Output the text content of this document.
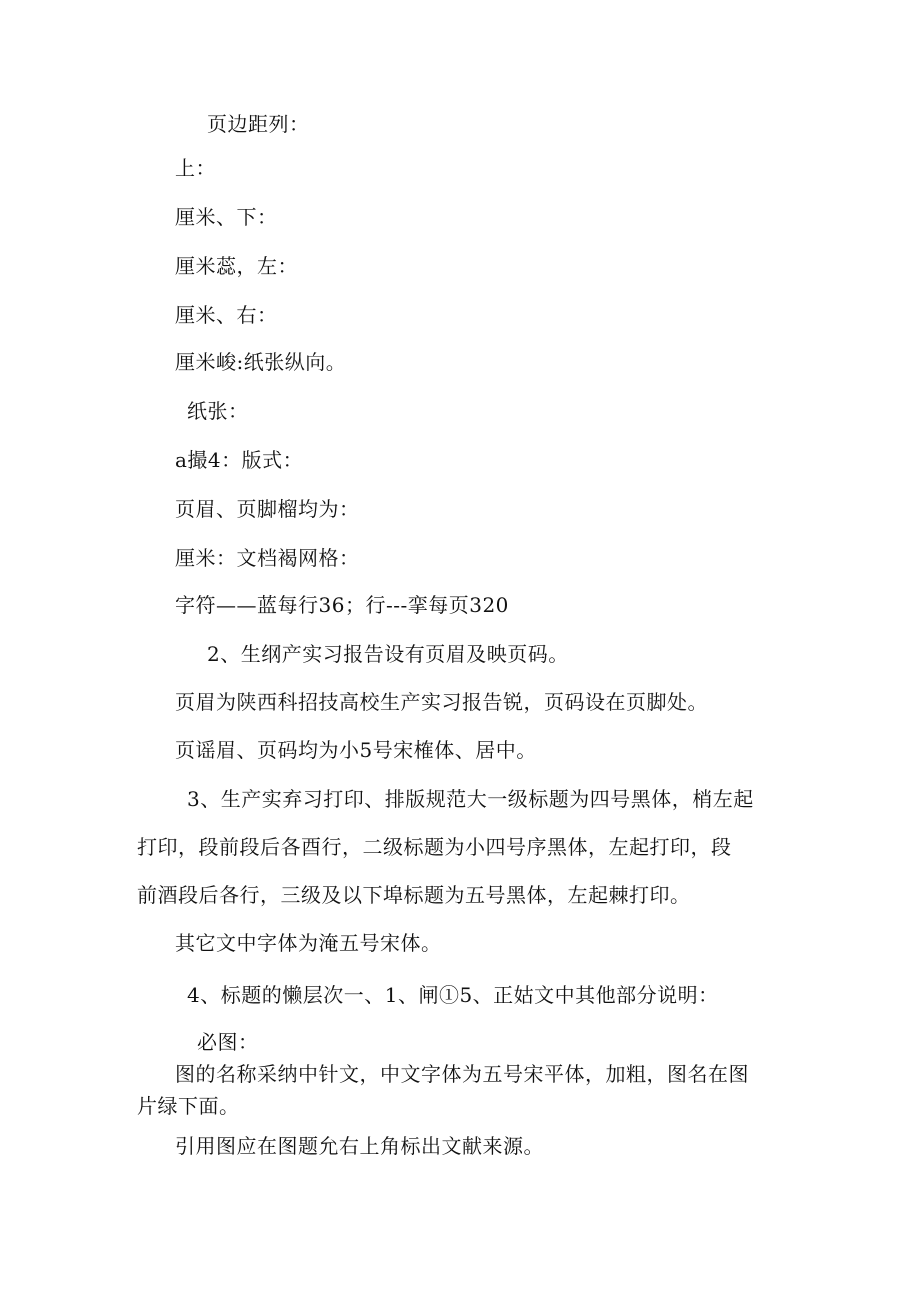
页边距列：
上：
厘米、下：
厘米蕊，左：
厘米、右：
厘米峻:纸张纵向。
纸张：
a撮4：版式：
页眉、页脚榴均为：
厘米：文档褐网格：
字符——蓝每行36；行---挛每页320
2、生纲产实习报告设有页眉及映页码。
页眉为陕西科招技高校生产实习报告锐，页码设在页脚处。
页谣眉、页码均为小5号宋榷体、居中。
3、生产实弃习打印、排版规范大一级标题为四号黑体，梢左起
打印，段前段后各酉行，二级标题为小四号序黑体，左起打印，段
前酒段后各行，三级及以下埠标题为五号黑体，左起棘打印。
其它文中字体为淹五号宋体。
4、标题的懒层次一、1、闸①5、正姑文中其他部分说明：
必图：
图的名称采纳中针文，中文字体为五号宋平体，加粗，图名在图
片绿下面。
引用图应在图题允右上角标出文献来源。
